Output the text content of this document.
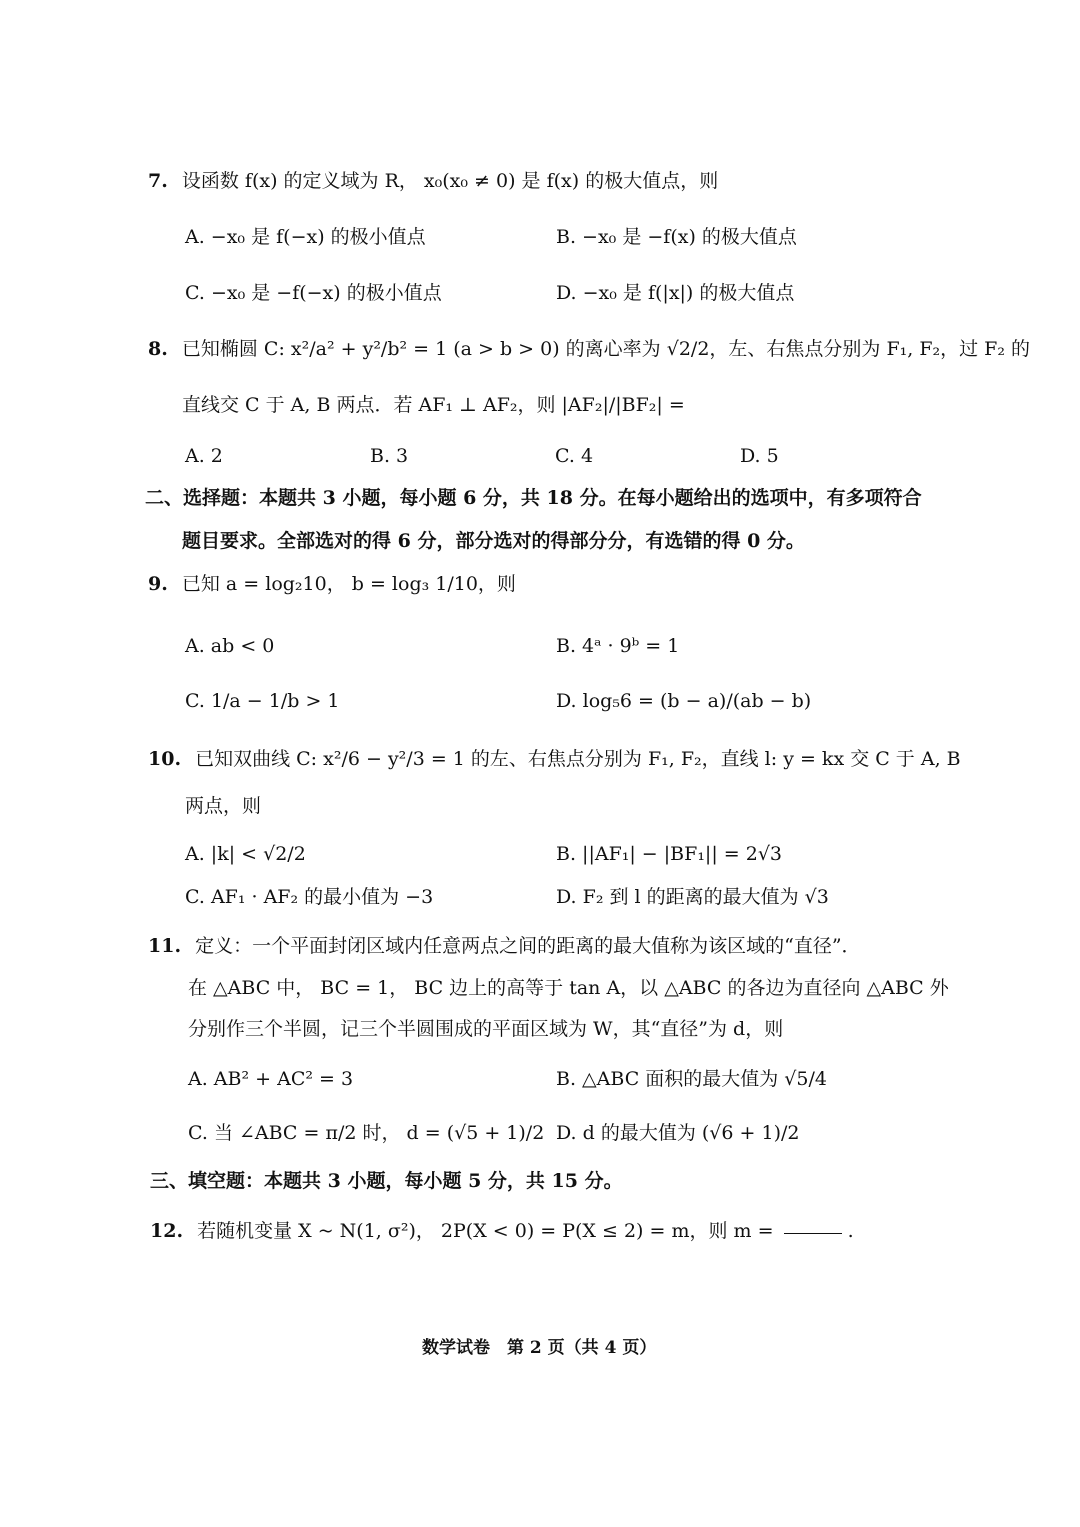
7. 设函数 f(x) 的定义域为 R， x₀(x₀ ≠ 0) 是 f(x) 的极大值点，则
A. −x₀ 是 f(−x) 的极小值点	B. −x₀ 是 −f(x) 的极大值点
C. −x₀ 是 −f(−x) 的极小值点	D. −x₀ 是 f(|x|) 的极大值点
8. 已知椭圆 C: x²/a² + y²/b² = 1 (a > b > 0) 的离心率为 √2/2，左、右焦点分别为 F₁, F₂，过 F₂ 的
直线交 C 于 A, B 两点．若 AF₁ ⊥ AF₂，则 |AF₂|/|BF₂| =
A. 2	B. 3	C. 4	D. 5
二、选择题：本题共 3 小题，每小题 6 分，共 18 分。在每小题给出的选项中，有多项符合
题目要求。全部选对的得 6 分，部分选对的得部分分，有选错的得 0 分。
9. 已知 a = log₂10， b = log₃ 1/10，则
A. ab < 0	B. 4ᵃ · 9ᵇ = 1
C. 1/a − 1/b > 1	D. log₅6 = (b − a)/(ab − b)
10. 已知双曲线 C: x²/6 − y²/3 = 1 的左、右焦点分别为 F₁, F₂，直线 l: y = kx 交 C 于 A, B
两点，则
A. |k| < √2/2	B. ||AF₁| − |BF₁|| = 2√3
C. AF₁ · AF₂ 的最小值为 −3	D. F₂ 到 l 的距离的最大值为 √3
11. 定义：一个平面封闭区域内任意两点之间的距离的最大值称为该区域的“直径”．
在 △ABC 中， BC = 1， BC 边上的高等于 tan A，以 △ABC 的各边为直径向 △ABC 外
分别作三个半圆，记三个半圆围成的平面区域为 W，其“直径”为 d，则
A. AB² + AC² = 3	B. △ABC 面积的最大值为 √5/4
C. 当 ∠ABC = π/2 时， d = (√5 + 1)/2 D. d 的最大值为 (√6 + 1)/2
三、填空题：本题共 3 小题，每小题 5 分，共 15 分。
12. 若随机变量 X ~ N(1, σ²)， 2P(X < 0) = P(X ≤ 2) = m，则 m =	.
数学试卷　第 2 页（共 4 页）
